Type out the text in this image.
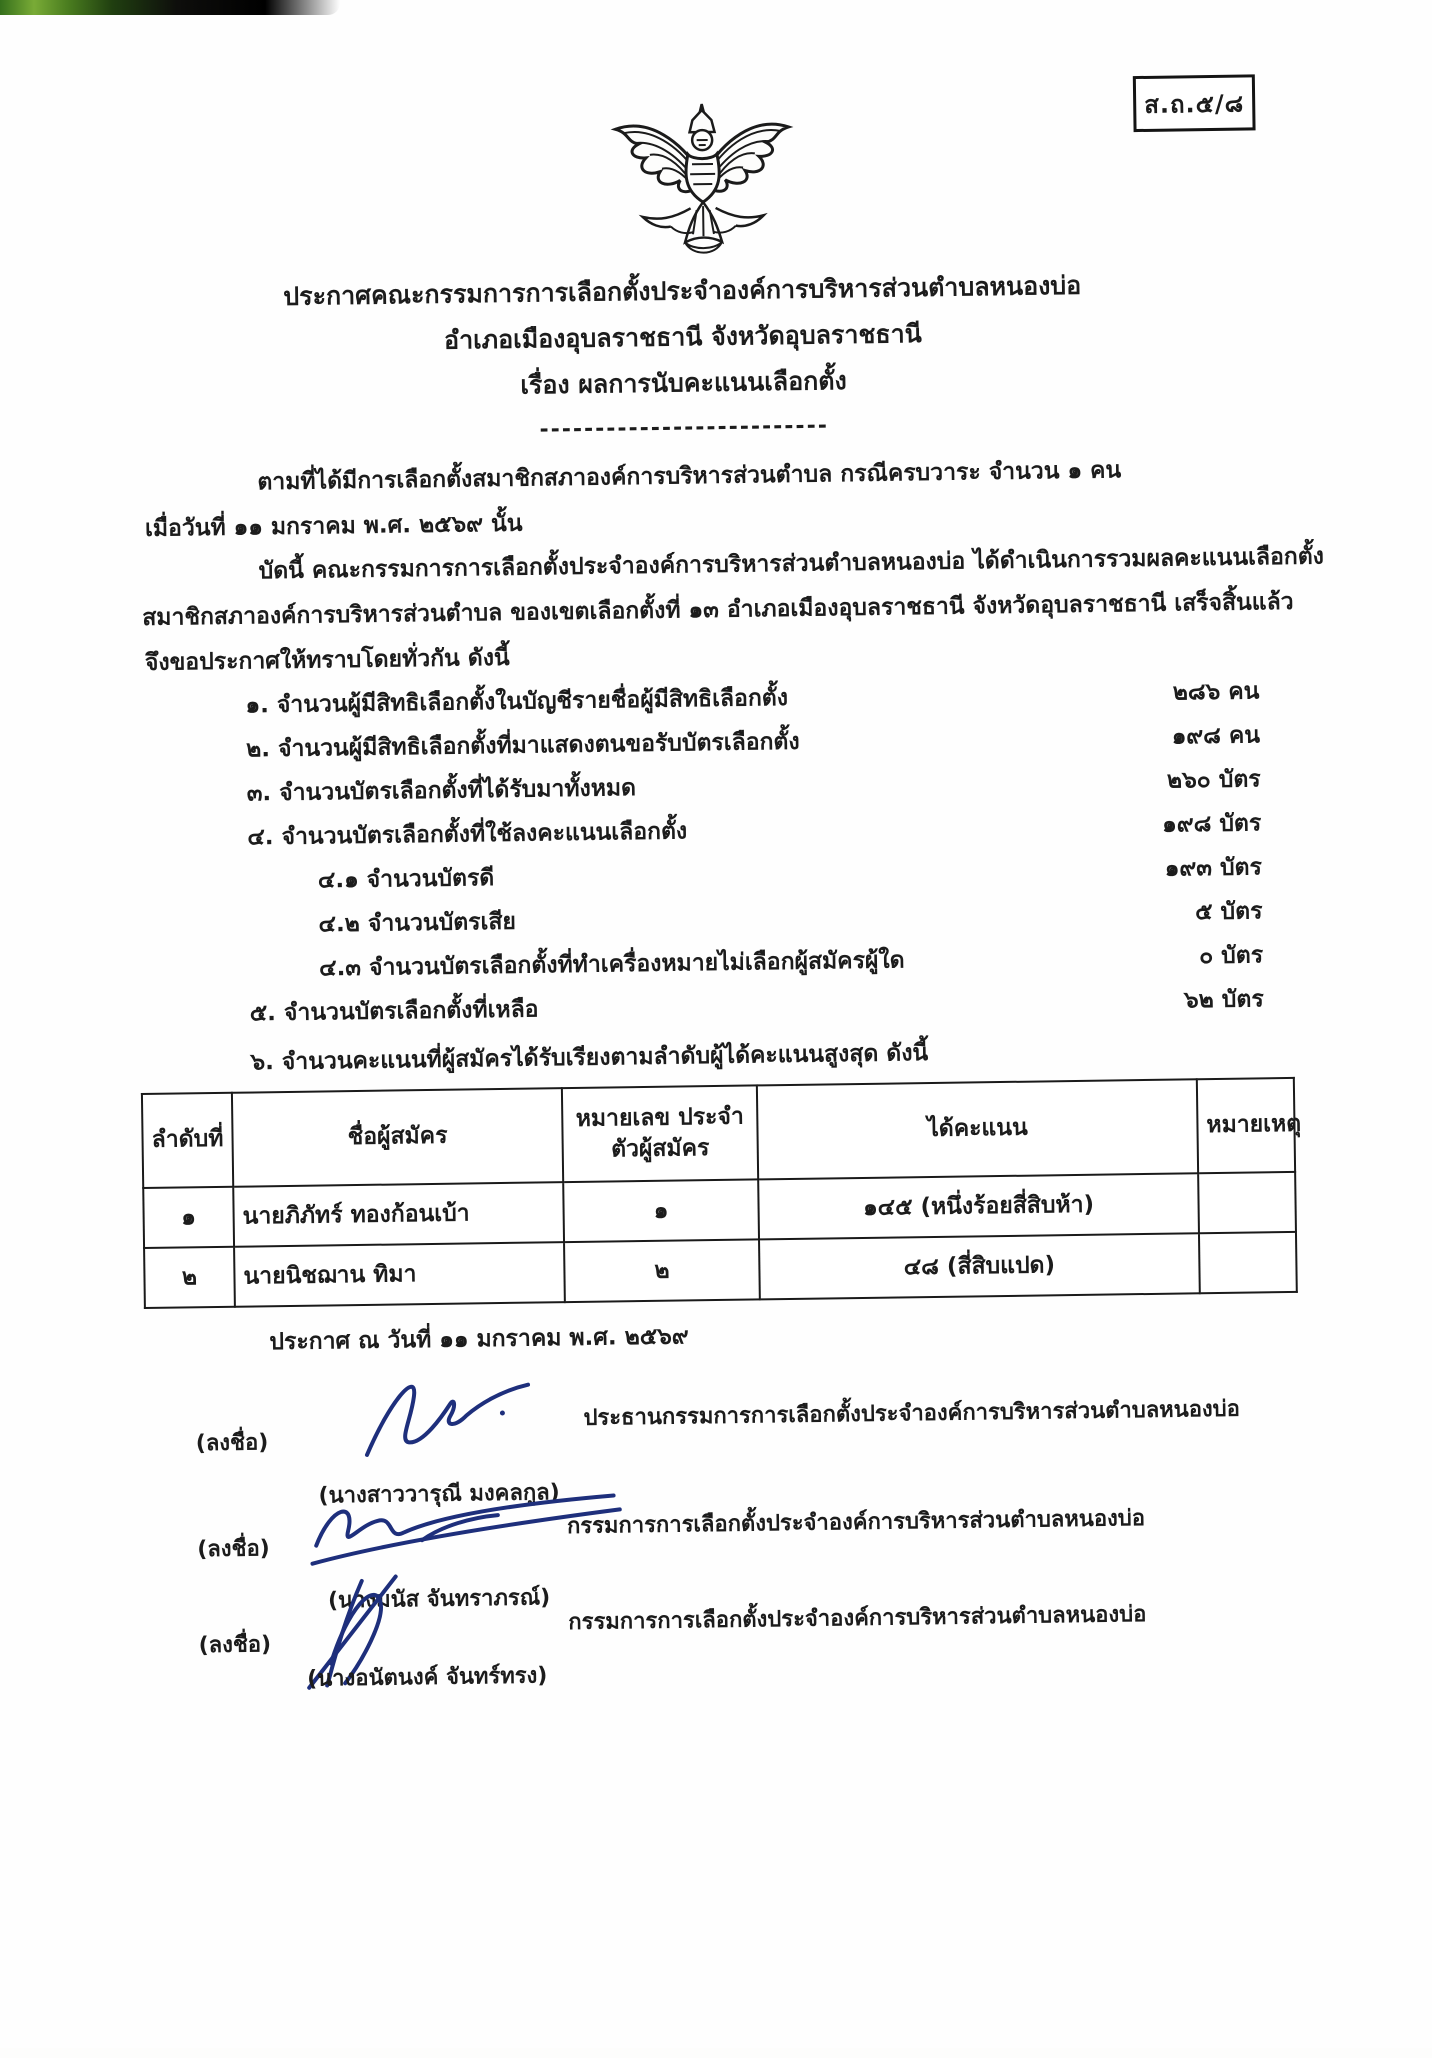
ส.ถ.๕/๘
ประกาศคณะกรรมการการเลือกตั้งประจำองค์การบริหารส่วนตำบลหนองบ่อ
อำเภอเมืองอุบลราชธานี จังหวัดอุบลราชธานี
เรื่อง ผลการนับคะแนนเลือกตั้ง
--------------------------
ตามที่ได้มีการเลือกตั้งสมาชิกสภาองค์การบริหารส่วนตำบล กรณีครบวาระ จำนวน ๑ คน
เมื่อวันที่ ๑๑ มกราคม พ.ศ. ๒๕๖๙ นั้น
บัดนี้ คณะกรรมการการเลือกตั้งประจำองค์การบริหารส่วนตำบลหนองบ่อ ได้ดำเนินการรวมผลคะแนนเลือกตั้ง
สมาชิกสภาองค์การบริหารส่วนตำบล ของเขตเลือกตั้งที่ ๑๓ อำเภอเมืองอุบลราชธานี จังหวัดอุบลราชธานี เสร็จสิ้นแล้ว
จึงขอประกาศให้ทราบโดยทั่วกัน ดังนี้
๑. จำนวนผู้มีสิทธิเลือกตั้งในบัญชีรายชื่อผู้มีสิทธิเลือกตั้ง	๒๘๖ คน
๒. จำนวนผู้มีสิทธิเลือกตั้งที่มาแสดงตนขอรับบัตรเลือกตั้ง	๑๙๘ คน
๓. จำนวนบัตรเลือกตั้งที่ได้รับมาทั้งหมด	๒๖๐ บัตร
๔. จำนวนบัตรเลือกตั้งที่ใช้ลงคะแนนเลือกตั้ง	๑๙๘ บัตร
๔.๑ จำนวนบัตรดี	๑๙๓ บัตร
๔.๒ จำนวนบัตรเสีย	๕ บัตร
๔.๓ จำนวนบัตรเลือกตั้งที่ทำเครื่องหมายไม่เลือกผู้สมัครผู้ใด	๐ บัตร
๕. จำนวนบัตรเลือกตั้งที่เหลือ	๖๒ บัตร
๖. จำนวนคะแนนที่ผู้สมัครได้รับเรียงตามลำดับผู้ได้คะแนนสูงสุด ดังนี้
ลำดับที่	ชื่อผู้สมัคร	หมายเลข ประจำตัวผู้สมัคร	ได้คะแนน	หมายเหตุ
๑	นายภิภัทร์ ทองก้อนเบ้า	๑	๑๔๕ (หนึ่งร้อยสี่สิบห้า)	
๒	นายนิชฌาน ทิมา	๒	๔๘ (สี่สิบแปด)	
ประกาศ ณ วันที่ ๑๑ มกราคม พ.ศ. ๒๕๖๙
(ลงชื่อ)
ประธานกรรมการการเลือกตั้งประจำองค์การบริหารส่วนตำบลหนองบ่อ
(นางสาววารุณี มงคลกูล)
(ลงชื่อ)
กรรมการการเลือกตั้งประจำองค์การบริหารส่วนตำบลหนองบ่อ
(นางมนัส จันทราภรณ์)
(ลงชื่อ)
กรรมการการเลือกตั้งประจำองค์การบริหารส่วนตำบลหนองบ่อ
(นางอนัตนงค์ จันทร์ทรง)
